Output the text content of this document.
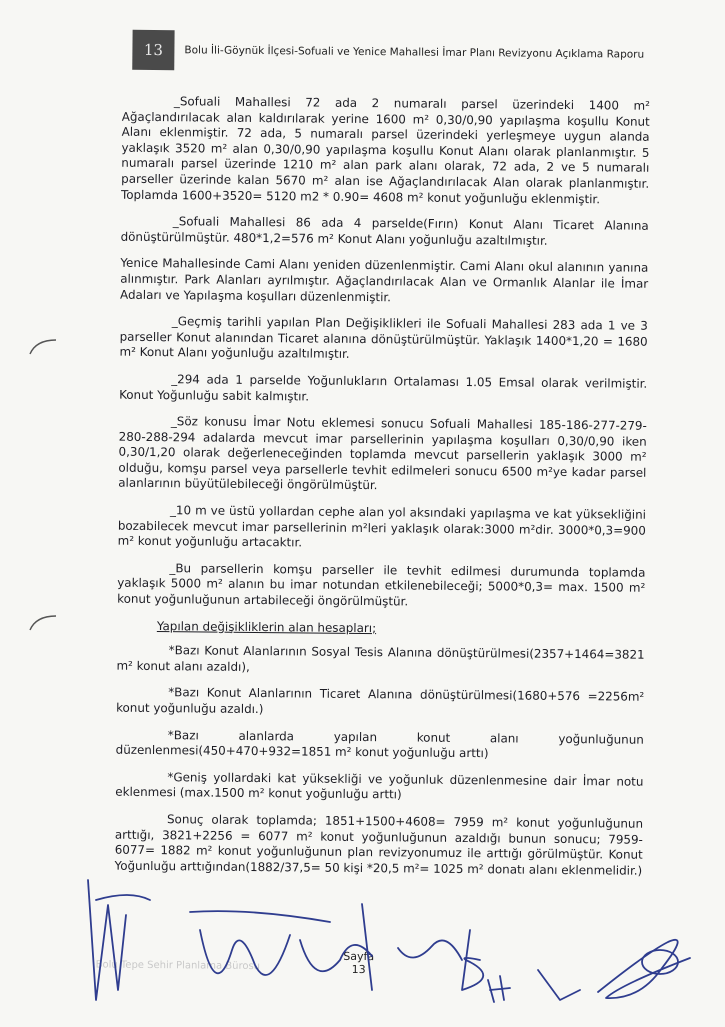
13	Bolu İli-Göynük İlçesi-Sofuali ve Yenice Mahallesi İmar Planı Revizyonu Açıklama Raporu

_Sofuali Mahallesi 72 ada 2 numaralı parsel üzerindeki 1400 m² Ağaçlandırılacak alan kaldırılarak yerine 1600 m² 0,30/0,90 yapılaşma koşullu Konut Alanı eklenmiştir. 72 ada, 5 numaralı parsel üzerindeki yerleşmeye uygun alanda yaklaşık 3520 m² alan 0,30/0,90 yapılaşma koşullu Konut Alanı olarak planlanmıştır. 5 numaralı parsel üzerinde 1210 m² alan park alanı olarak, 72 ada, 2 ve 5 numaralı parseller üzerinde kalan 5670 m² alan ise Ağaçlandırılacak Alan olarak planlanmıştır. Toplamda 1600+3520= 5120 m2 * 0.90= 4608 m² konut yoğunluğu eklenmiştir.

_Sofuali Mahallesi 86 ada 4 parselde(Fırın) Konut Alanı Ticaret Alanına dönüştürülmüştür. 480*1,2=576 m² Konut Alanı yoğunluğu azaltılmıştır.

Yenice Mahallesinde Cami Alanı yeniden düzenlenmiştir. Cami Alanı okul alanının yanına alınmıştır. Park Alanları ayrılmıştır. Ağaçlandırılacak Alan ve Ormanlık Alanlar ile İmar Adaları ve Yapılaşma koşulları düzenlenmiştir.

_Geçmiş tarihli yapılan Plan Değişiklikleri ile Sofuali Mahallesi 283 ada 1 ve 3 parseller Konut alanından Ticaret alanına dönüştürülmüştür. Yaklaşık 1400*1,20 = 1680 m² Konut Alanı yoğunluğu azaltılmıştır.

_294 ada 1 parselde Yoğunlukların Ortalaması 1.05 Emsal olarak verilmiştir. Konut Yoğunluğu sabit kalmıştır.

_Söz konusu İmar Notu eklemesi sonucu Sofuali Mahallesi 185-186-277-279-280-288-294 adalarda mevcut imar parsellerinin yapılaşma koşulları 0,30/0,90 iken 0,30/1,20 olarak değerleneceğinden toplamda mevcut parsellerin yaklaşık 3000 m² olduğu, komşu parsel veya parsellerle tevhit edilmeleri sonucu 6500 m²ye kadar parsel alanlarının büyütülebileceği öngörülmüştür.

_10 m ve üstü yollardan cephe alan yol aksındaki yapılaşma ve kat yüksekliğini bozabilecek mevcut imar parsellerinin m²leri yaklaşık olarak:3000 m²dir. 3000*0,3=900 m² konut yoğunluğu artacaktır.

_Bu parsellerin komşu parseller ile tevhit edilmesi durumunda toplamda yaklaşık 5000 m² alanın bu imar notundan etkilenebileceği; 5000*0,3= max. 1500 m² konut yoğunluğunun artabileceği öngörülmüştür.

Yapılan değişikliklerin alan hesapları;

*Bazı Konut Alanlarının Sosyal Tesis Alanına dönüştürülmesi(2357+1464=3821 m² konut alanı azaldı),

*Bazı Konut Alanlarının Ticaret Alanına dönüştürülmesi(1680+576 =2256m² konut yoğunluğu azaldı.)

*Bazı alanlarda yapılan konut alanı yoğunluğunun düzenlenmesi(450+470+932=1851 m² konut yoğunluğu arttı)

*Geniş yollardaki kat yüksekliği ve yoğunluk düzenlenmesine dair İmar notu eklenmesi (max.1500 m² konut yoğunluğu arttı)

Sonuç olarak toplamda; 1851+1500+4608= 7959 m² konut yoğunluğunun arttığı, 3821+2256 = 6077 m² konut yoğunluğunun azaldığı bunun sonucu; 7959-6077= 1882 m² konut yoğunluğunun plan revizyonumuz ile arttığı görülmüştür. Konut Yoğunluğu arttığından(1882/37,5= 50 kişi *20,5 m²= 1025 m² donatı alanı eklenmelidir.)

Bolu Tepe Sehir Planlama Bürosu
Sayfa
13
